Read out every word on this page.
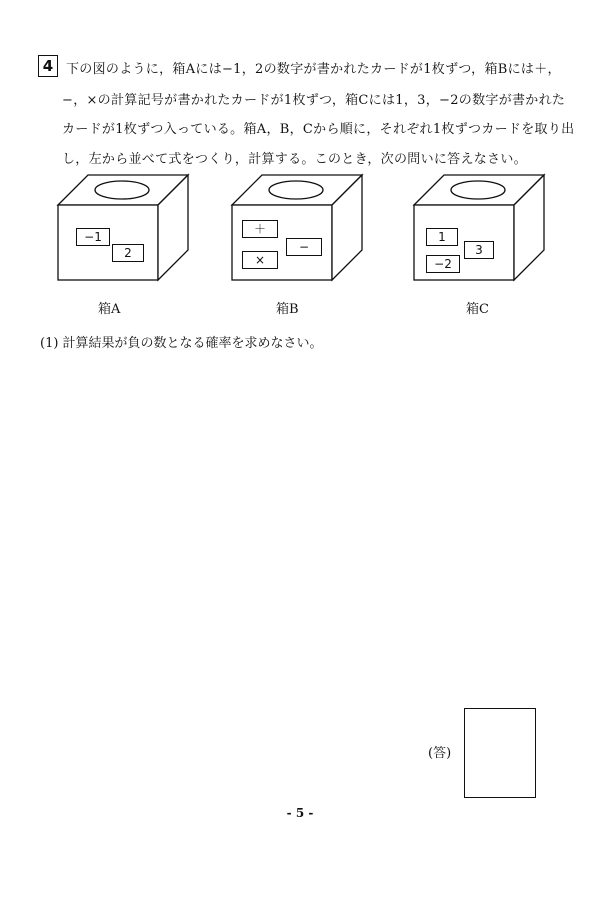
4 下の図のように，箱Aには−1，2の数字が書かれたカードが1枚ずつ，箱Bには＋，
−，×の計算記号が書かれたカードが1枚ずつ，箱Cには1，3，−2の数字が書かれた
カードが1枚ずつ入っている。箱A，B，Cから順に，それぞれ1枚ずつカードを取り出
し，左から並べて式をつくり，計算する。このとき，次の問いに答えなさい。
−1
2
箱A
＋
−
×
箱B
1
3
−2
箱C
(1) 計算結果が負の数となる確率を求めなさい。
(答)
- 5 -
